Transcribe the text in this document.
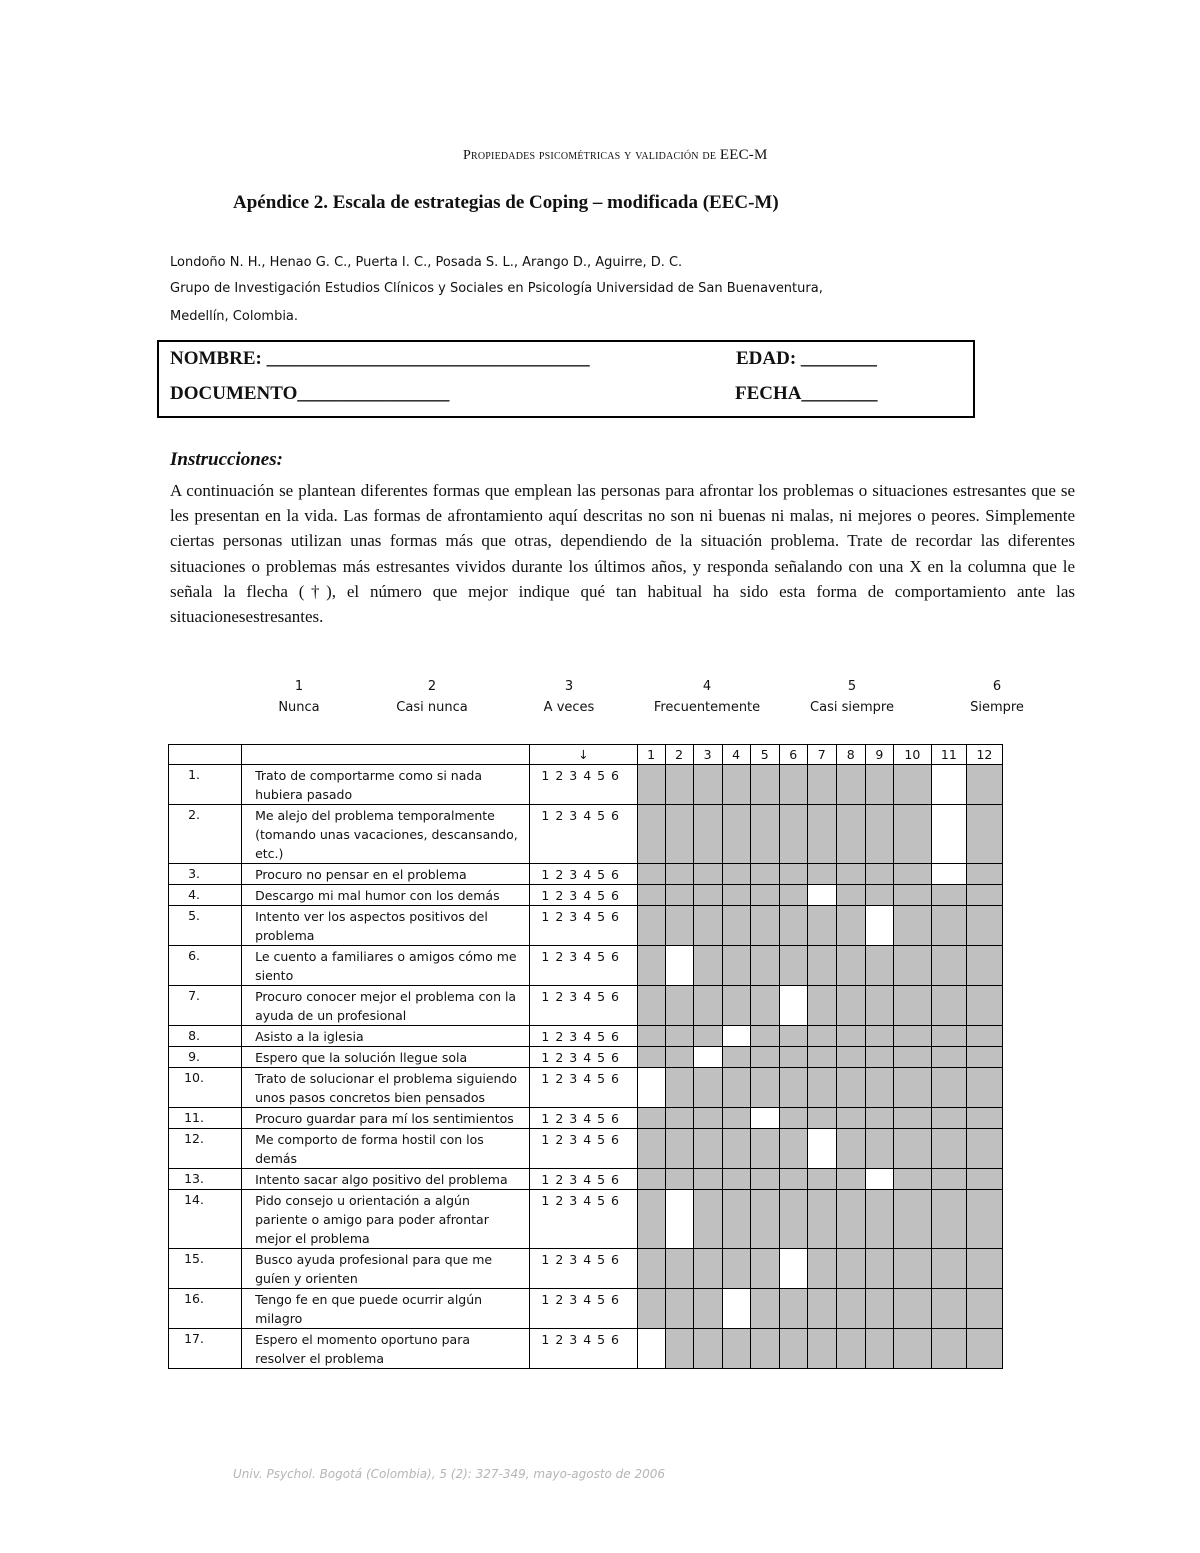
Propiedades psicométricas y validación de EEC-M
Apéndice 2. Escala de estrategias de Coping – modificada (EEC-M)
Londoño N. H., Henao G. C., Puerta I. C., Posada S. L., Arango D., Aguirre, D. C.
Grupo de Investigación Estudios Clínicos y Sociales en Psicología Universidad de San Buenaventura,
Medellín, Colombia.
NOMBRE: __________________________________	EDAD: ________
DOCUMENTO________________	FECHA________
Instrucciones:
A continuación se plantean diferentes formas que emplean las personas para afrontar los problemas o situaciones estresantes que se les presentan en la vida. Las formas de afrontamiento aquí descritas no son ni buenas ni malas, ni mejores o peores. Simplemente ciertas personas utilizan unas formas más que otras, dependiendo de la situación problema. Trate de recordar las diferentes situaciones o problemas más estresantes vividos durante los últimos años, y responda señalando con una X en la columna que le señala la flecha (†), el número que mejor indique qué tan habitual ha sido esta forma de comportamiento ante las situacionesestresantes.
1
Nunca
2
Casi nunca
3
A veces
4
Frecuentemente
5
Casi siempre
6
Siempre
		↓	1	2	3	4	5	6	7	8	9	10	11	12
1.	Trato de comportarme como si nada hubiera pasado	1 2 3 4 5 6												
2.	Me alejo del problema temporalmente (tomando unas vacaciones, descansando, etc.)	1 2 3 4 5 6												
3.	Procuro no pensar en el problema	1 2 3 4 5 6												
4.	Descargo mi mal humor con los demás	1 2 3 4 5 6												
5.	Intento ver los aspectos positivos del problema	1 2 3 4 5 6												
6.	Le cuento a familiares o amigos cómo me siento	1 2 3 4 5 6												
7.	Procuro conocer mejor el problema con la ayuda de un profesional	1 2 3 4 5 6												
8.	Asisto a la iglesia	1 2 3 4 5 6												
9.	Espero que la solución llegue sola	1 2 3 4 5 6												
10.	Trato de solucionar el problema siguiendo unos pasos concretos bien pensados	1 2 3 4 5 6												
11.	Procuro guardar para mí los sentimientos	1 2 3 4 5 6												
12.	Me comporto de forma hostil con los demás	1 2 3 4 5 6												
13.	Intento sacar algo positivo del problema	1 2 3 4 5 6												
14.	Pido consejo u orientación a algún pariente o amigo para poder afrontar mejor el problema	1 2 3 4 5 6												
15.	Busco ayuda profesional para que me guíen y orienten	1 2 3 4 5 6												
16.	Tengo fe en que puede ocurrir algún milagro	1 2 3 4 5 6												
17.	Espero el momento oportuno para resolver el problema	1 2 3 4 5 6												
Univ. Psychol. Bogotá (Colombia), 5 (2): 327-349, mayo-agosto de 2006
